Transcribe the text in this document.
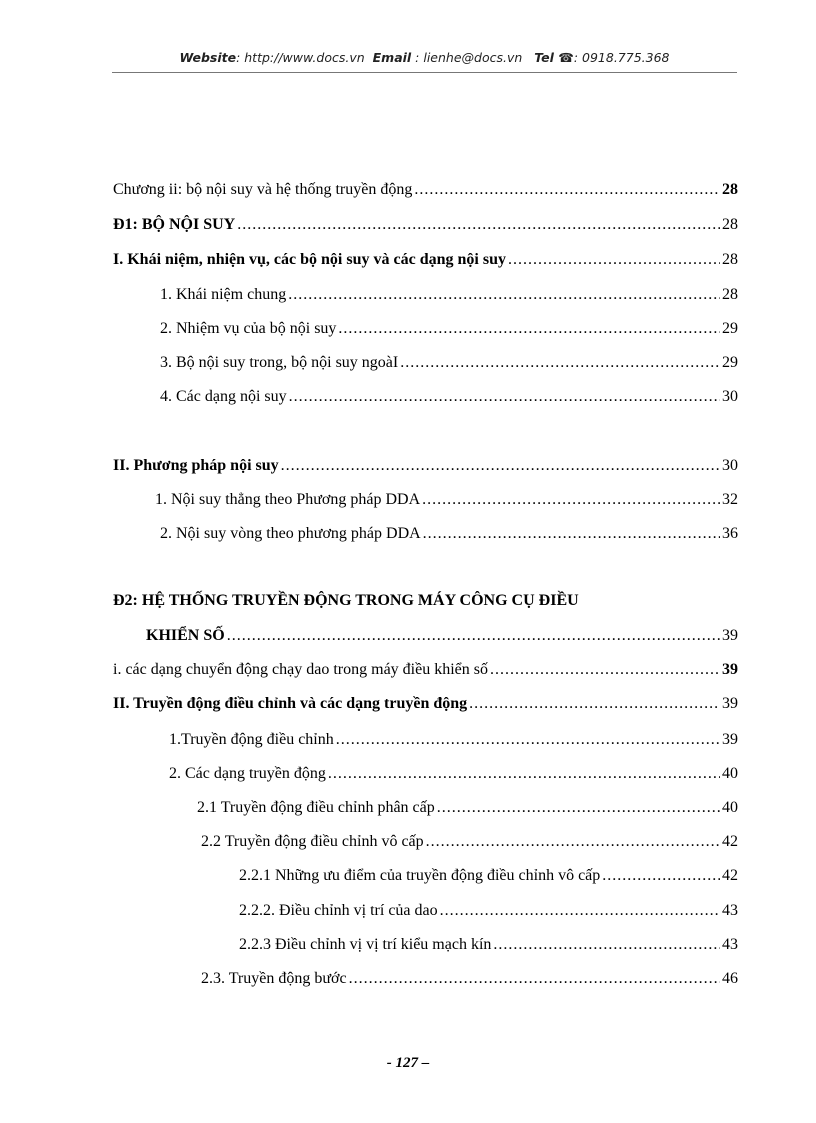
Website: http://www.docs.vn Email : lienhe@docs.vn Tel ☎: 0918.775.368
Chương ii: bộ nội suy và hệ thống truyền động .....	28
Đ1: BỘ NỘI SUY .....	28
I. Khái niệm, nhiện vụ, các bộ nội suy và các dạng nội suy .....	28
1. Khái niệm chung .....	28
2. Nhiệm vụ của bộ nội suy .....	29
3. Bộ nội suy trong, bộ nội suy ngoàI .....	29
4. Các dạng nội suy .....	30
II. Phương pháp nội suy .....	30
1. Nội suy thẳng theo Phương pháp DDA .....	32
2. Nội suy vòng theo phương pháp DDA .....	36
Đ2: HỆ THỐNG TRUYỀN ĐỘNG TRONG MÁY CÔNG CỤ ĐIỀU
KHIỂN SỐ .....	39
i. các dạng chuyển động chạy dao trong máy điều khiển số .....	39
II. Truyền động điều chỉnh và các dạng truyền động .....	39
1.Truyền động điều chỉnh .....	39
2. Các dạng truyền động .....	40
2.1 Truyền động điều chỉnh phân cấp .....	40
2.2 Truyền động điều chỉnh vô cấp .....	42
2.2.1 Những ưu điểm của truyền động điều chỉnh vô cấp .....	42
2.2.2. Điều chỉnh vị trí của dao .....	43
2.2.3 Điều chỉnh vị vị trí kiểu mạch kín .....	43
2.3. Truyền động bước .....	46
- 127 –
